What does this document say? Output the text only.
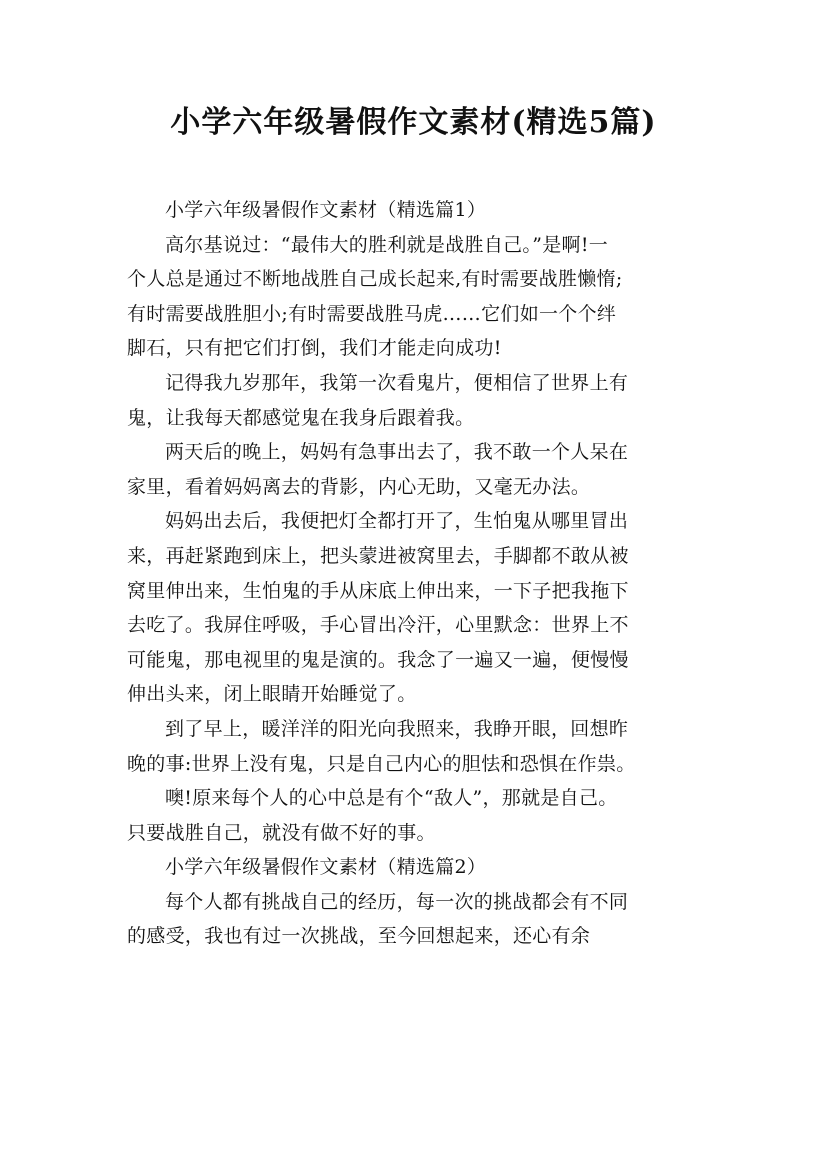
小学六年级暑假作文素材(精选5篇)
小学六年级暑假作文素材（精选篇1）
高尔基说过：“最伟大的胜利就是战胜自己。”是啊!一
个人总是通过不断地战胜自己成长起来,有时需要战胜懒惰;
有时需要战胜胆小;有时需要战胜马虎……它们如一个个绊
脚石，只有把它们打倒，我们才能走向成功!
记得我九岁那年，我第一次看鬼片，便相信了世界上有
鬼，让我每天都感觉鬼在我身后跟着我。
两天后的晚上，妈妈有急事出去了，我不敢一个人呆在
家里，看着妈妈离去的背影，内心无助，又毫无办法。
妈妈出去后，我便把灯全都打开了，生怕鬼从哪里冒出
来，再赶紧跑到床上，把头蒙进被窝里去，手脚都不敢从被
窝里伸出来，生怕鬼的手从床底上伸出来，一下子把我拖下
去吃了。我屏住呼吸，手心冒出冷汗，心里默念：世界上不
可能鬼，那电视里的鬼是演的。我念了一遍又一遍，便慢慢
伸出头来，闭上眼睛开始睡觉了。
到了早上，暖洋洋的阳光向我照来，我睁开眼，回想昨
晚的事:世界上没有鬼，只是自己内心的胆怯和恐惧在作祟。
噢!原来每个人的心中总是有个“敌人”，那就是自己。
只要战胜自己，就没有做不好的事。
小学六年级暑假作文素材（精选篇2）
每个人都有挑战自己的经历，每一次的挑战都会有不同
的感受，我也有过一次挑战，至今回想起来，还心有余
